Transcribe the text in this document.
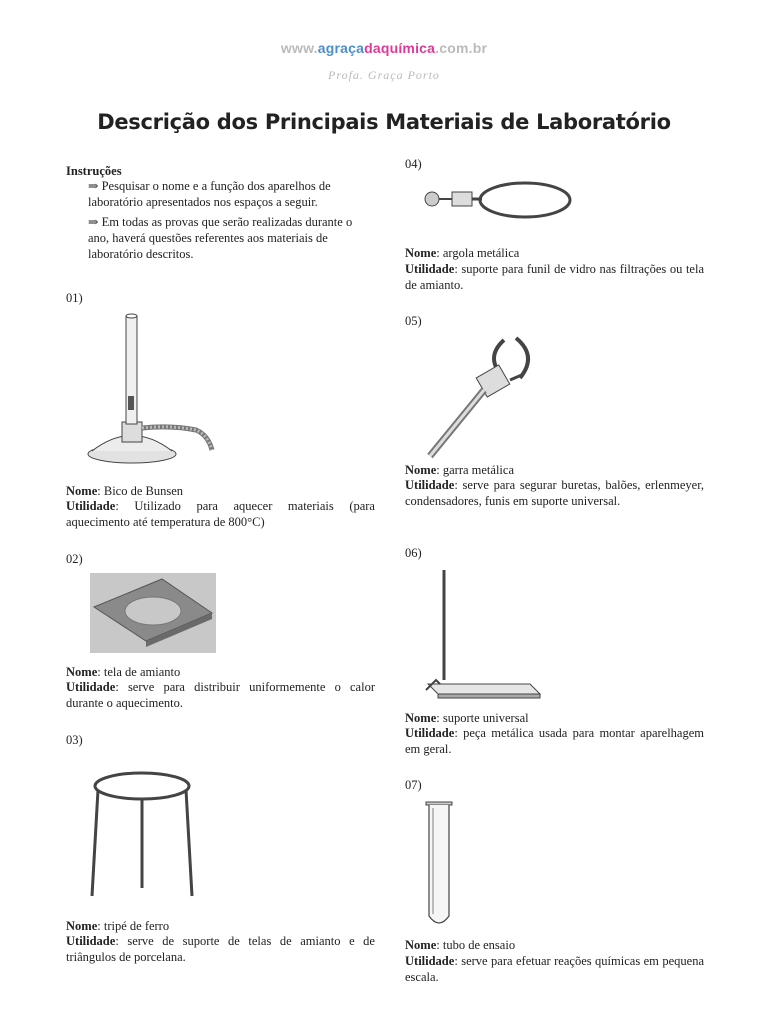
www.agraçadaquímica.com.br
Profa. Graça Porto
Descrição dos Principais Materiais de Laboratório
Instruções
⇒ Pesquisar o nome e a função dos aparelhos de laboratório apresentados nos espaços a seguir.
⇒ Em todas as provas que serão realizadas durante o ano, haverá questões referentes aos materiais de laboratório descritos.
01)
Nome: Bico de Bunsen
Utilidade: Utilizado para aquecer materiais (para aquecimento até temperatura de 800°C)
02)
Nome: tela de amianto
Utilidade: serve para distribuir uniformemente o calor durante o aquecimento.
03)
Nome: tripé de ferro
Utilidade: serve de suporte de telas de amianto e de triângulos de porcelana.
04)
Nome: argola metálica
Utilidade: suporte para funil de vidro nas filtrações ou tela de amianto.
05)
Nome: garra metálica
Utilidade: serve para segurar buretas, balões, erlenmeyer, condensadores, funis em suporte universal.
06)
Nome: suporte universal
Utilidade: peça metálica usada para montar aparelhagem em geral.
07)
Nome: tubo de ensaio
Utilidade: serve para efetuar reações químicas em pequena escala.
